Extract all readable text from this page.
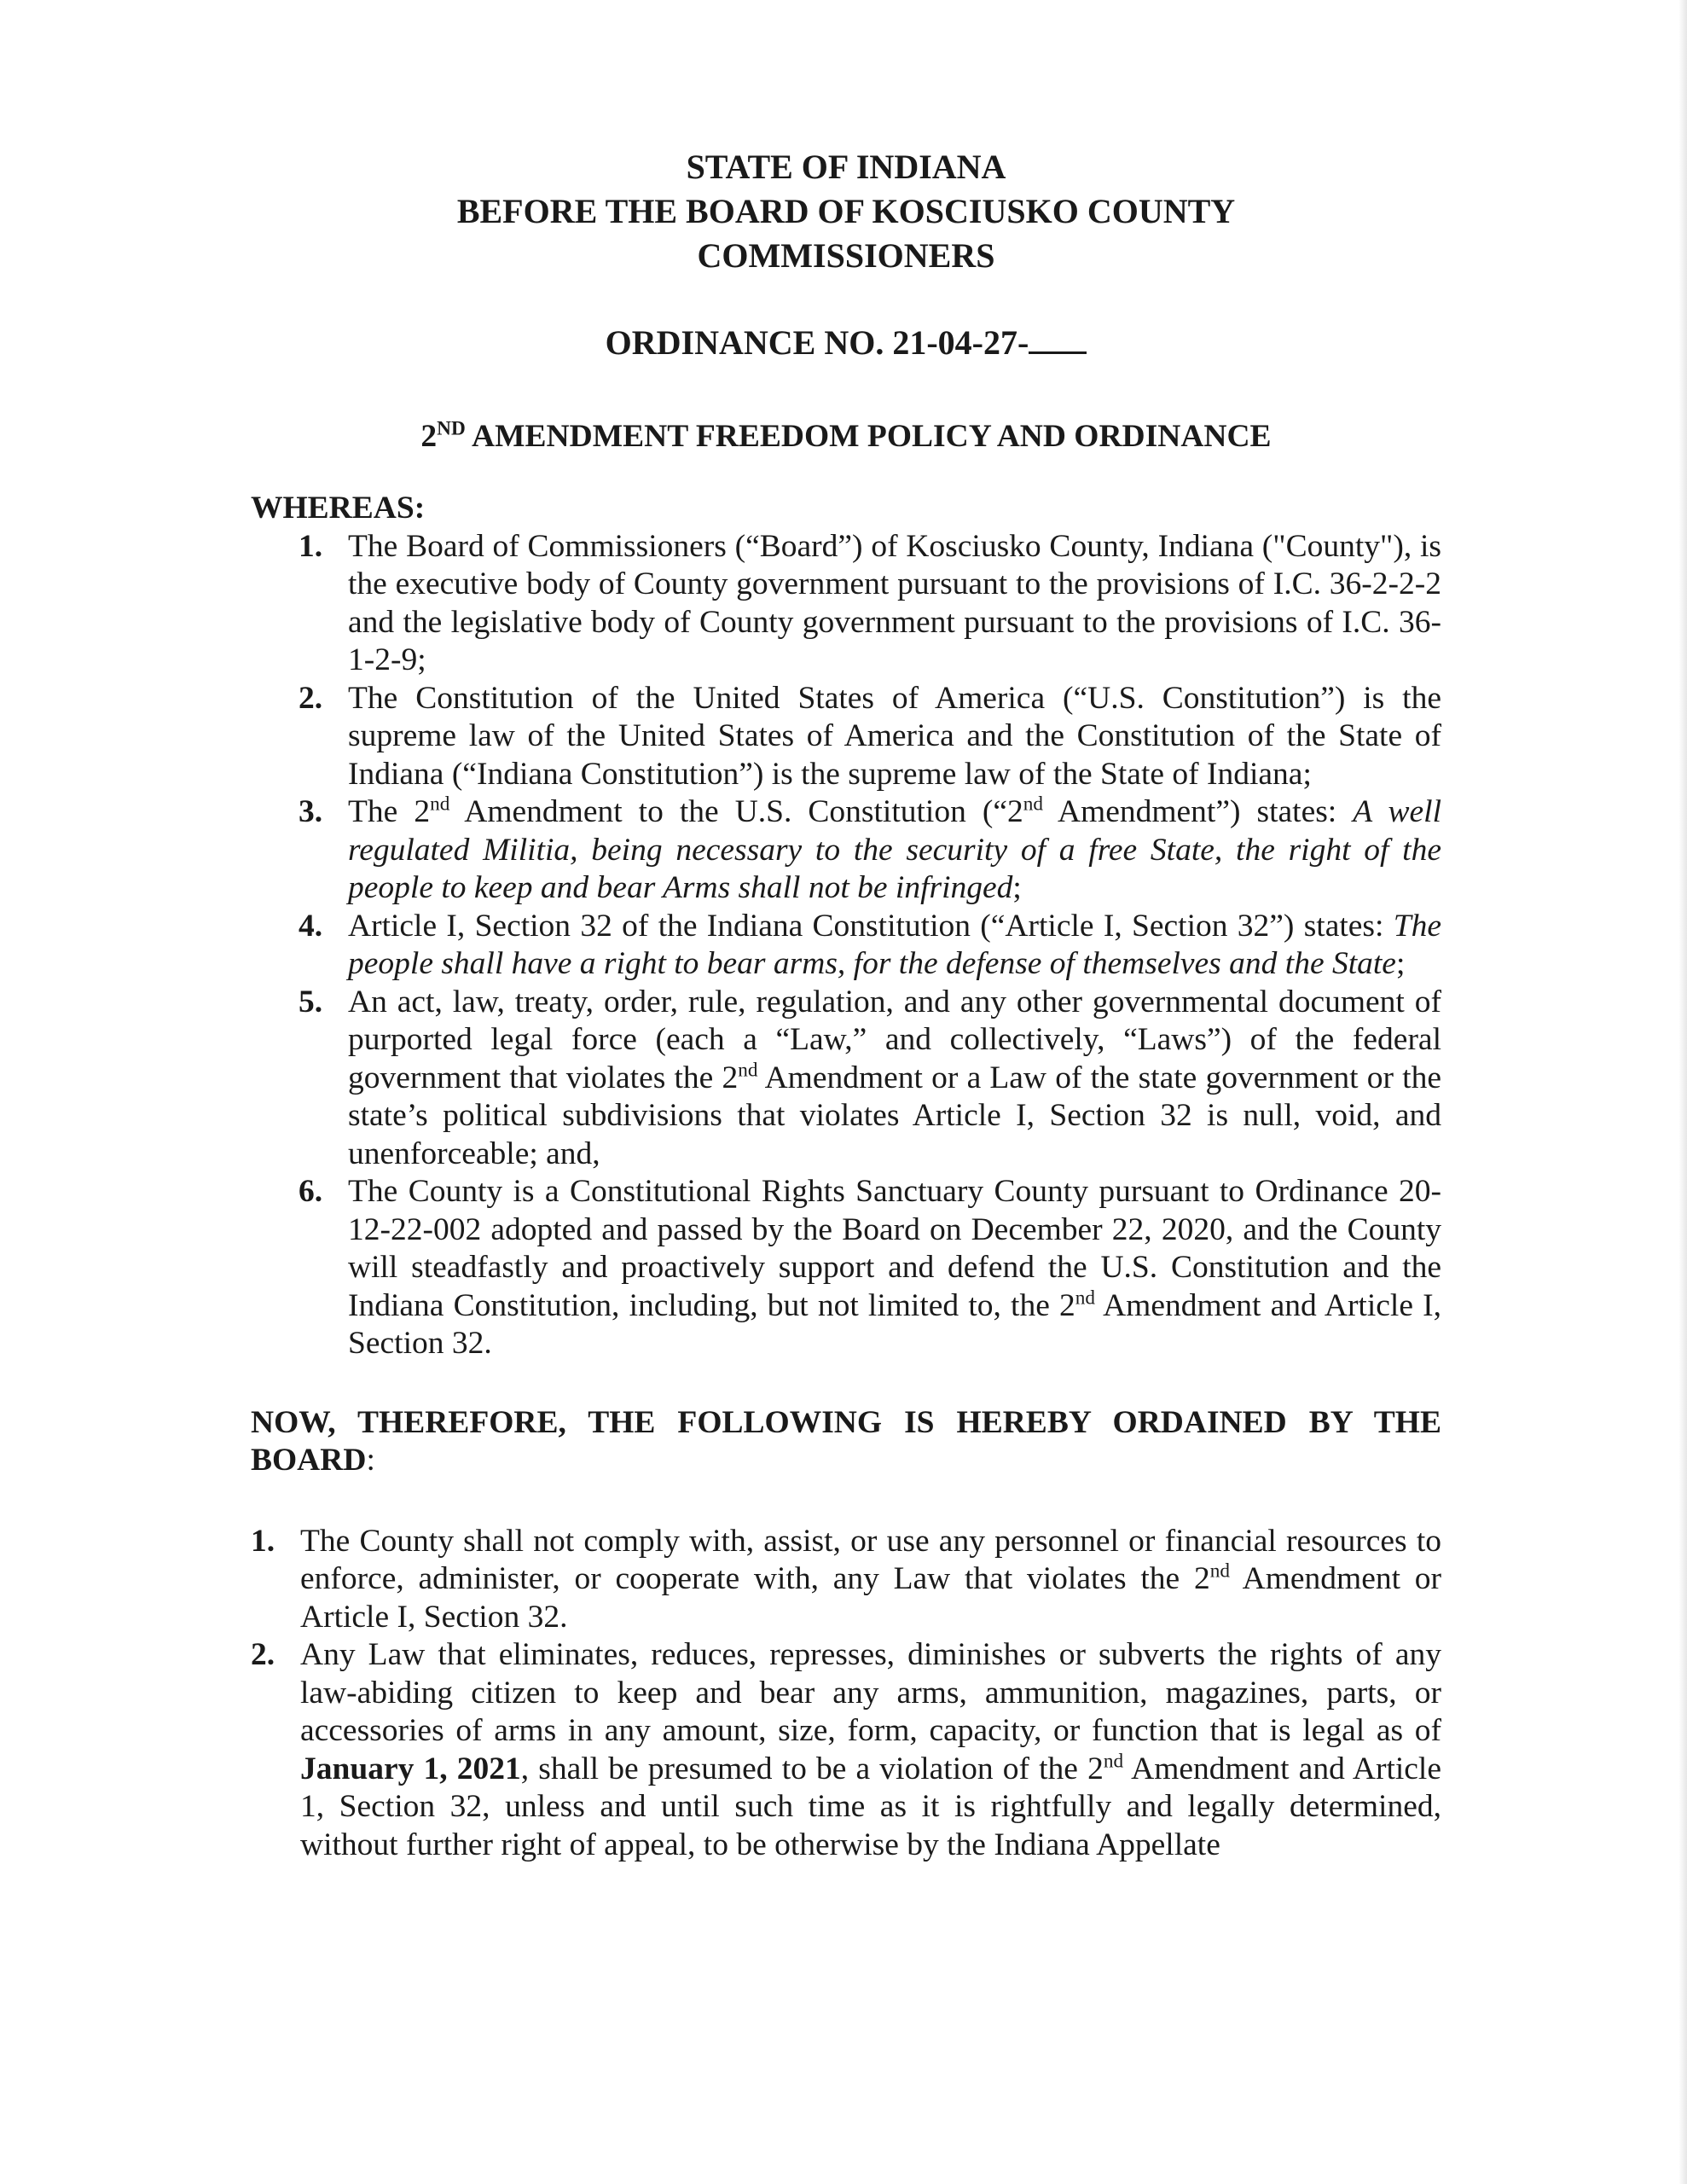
STATE OF INDIANA
BEFORE THE BOARD OF KOSCIUSKO COUNTY
COMMISSIONERS
ORDINANCE NO. 21-04-27-
2ND AMENDMENT FREEDOM POLICY AND ORDINANCE
WHEREAS:
1. The Board of Commissioners (“Board”) of Kosciusko County, Indiana ("County"), is the executive body of County government pursuant to the provisions of I.C. 36-2-2-2 and the legislative body of County government pursuant to the provisions of I.C. 36-1-2-9;
2. The Constitution of the United States of America (“U.S. Constitution”) is the supreme law of the United States of America and the Constitution of the State of Indiana (“Indiana Constitution”) is the supreme law of the State of Indiana;
3. The 2nd Amendment to the U.S. Constitution (“2nd Amendment”) states: A well regulated Militia, being necessary to the security of a free State, the right of the people to keep and bear Arms shall not be infringed;
4. Article I, Section 32 of the Indiana Constitution (“Article I, Section 32”) states: The people shall have a right to bear arms, for the defense of themselves and the State;
5. An act, law, treaty, order, rule, regulation, and any other governmental document of purported legal force (each a “Law,” and collectively, “Laws”) of the federal government that violates the 2nd Amendment or a Law of the state government or the state’s political subdivisions that violates Article I, Section 32 is null, void, and unenforceable; and,
6. The County is a Constitutional Rights Sanctuary County pursuant to Ordinance 20-12-22-002 adopted and passed by the Board on December 22, 2020, and the County will steadfastly and proactively support and defend the U.S. Constitution and the Indiana Constitution, including, but not limited to, the 2nd Amendment and Article I, Section 32.
NOW, THEREFORE, THE FOLLOWING IS HEREBY ORDAINED BY THE BOARD:
1. The County shall not comply with, assist, or use any personnel or financial resources to enforce, administer, or cooperate with, any Law that violates the 2nd Amendment or Article I, Section 32.
2. Any Law that eliminates, reduces, represses, diminishes or subverts the rights of any law-abiding citizen to keep and bear any arms, ammunition, magazines, parts, or accessories of arms in any amount, size, form, capacity, or function that is legal as of January 1, 2021, shall be presumed to be a violation of the 2nd Amendment and Article 1, Section 32, unless and until such time as it is rightfully and legally determined, without further right of appeal, to be otherwise by the Indiana Appellate
